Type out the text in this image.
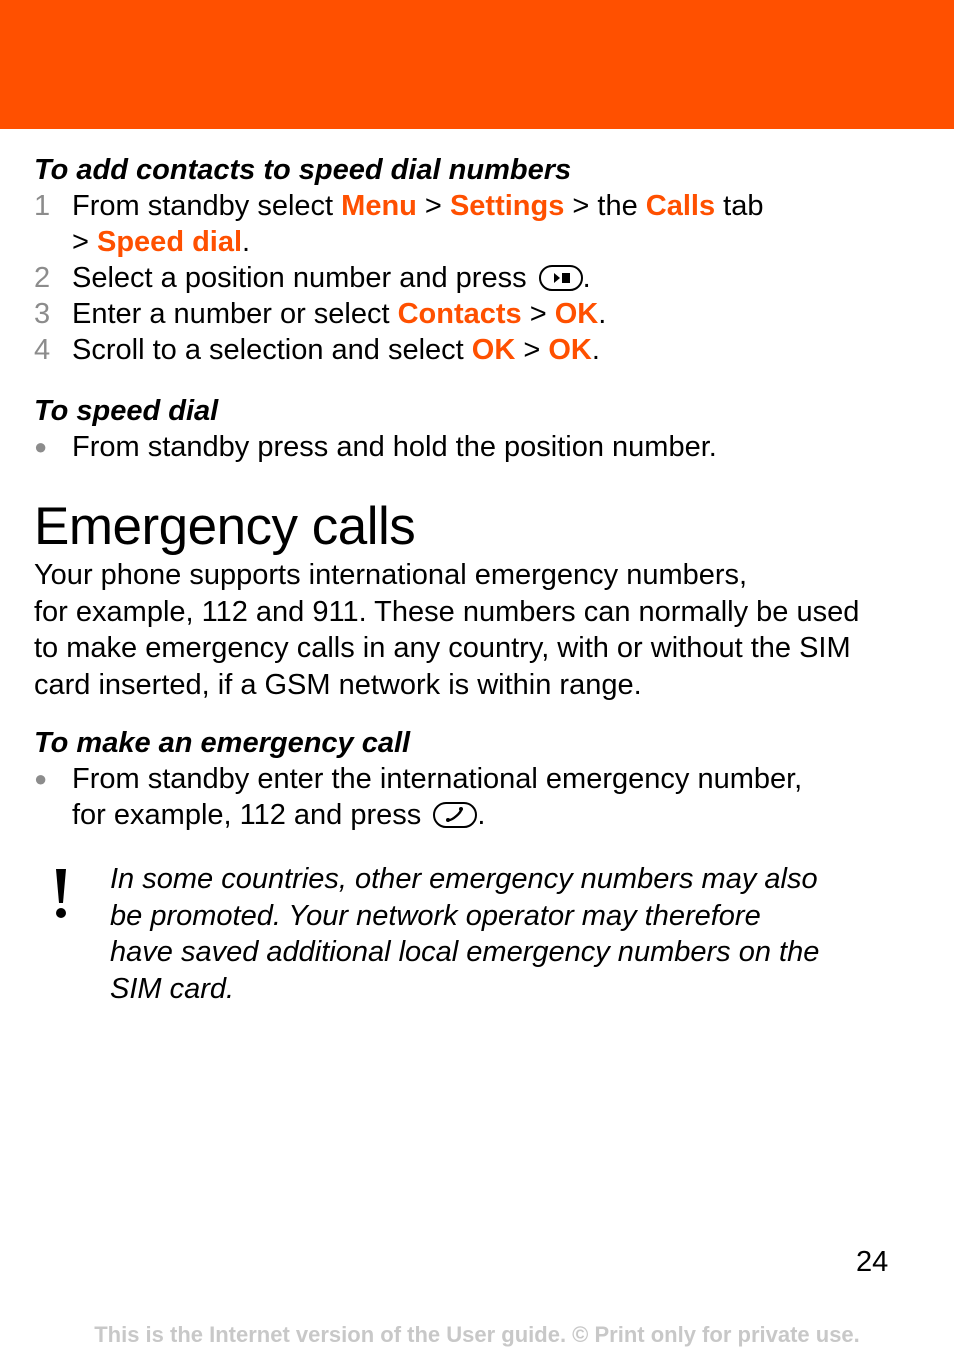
To add contacts to speed dial numbers
1 From standby select Menu > Settings > the Calls tab
> Speed dial.
2 Select a position number and press
.
3 Enter a number or select Contacts > OK.
4 Scroll to a selection and select OK > OK.
To speed dial
● From standby press and hold the position number.
Emergency calls

Your phone supports international emergency numbers,
for example, 112 and 911. These numbers can normally be used
to make emergency calls in any country, with or without the SIM
card inserted, if a GSM network is within range.

To make an emergency call
● From standby enter the international emergency number,
for example, 112 and press
.
In some countries, other emergency numbers may also
be promoted. Your network operator may therefore
have saved additional local emergency numbers on the
SIM card.
24
This is the Internet version of the User guide. © Print only for private use.
